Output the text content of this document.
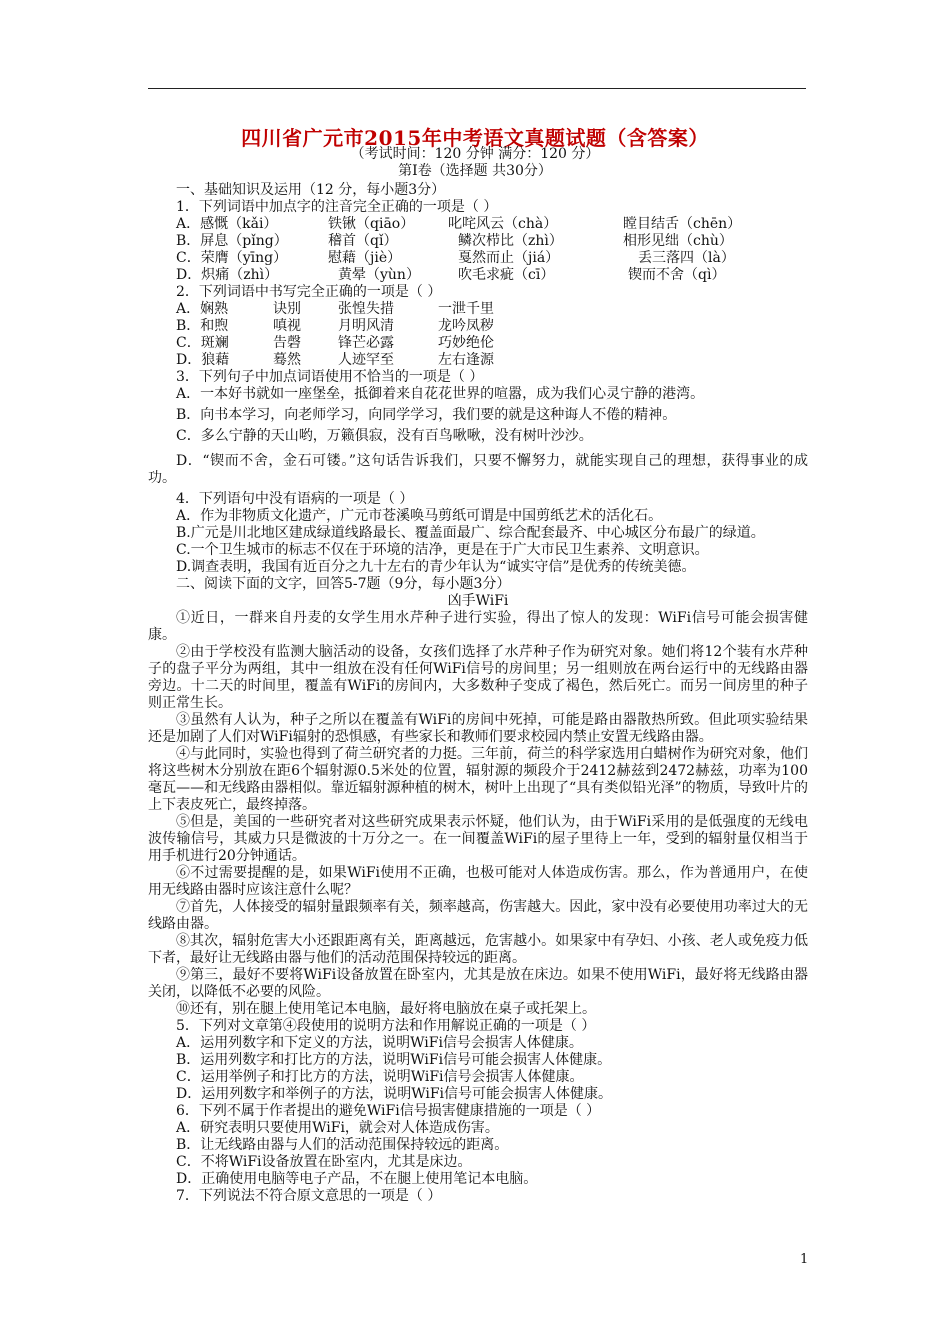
四川省广元市2015年中考语文真题试题（含答案）
（考试时间：120 分钟 满分：120 分）
第Ⅰ卷（选择题 共30分）
一、基础知识及运用（12 分，每小题3分）
1．下列词语中加点字的注音完全正确的一项是（ ）
A．感慨（kǎi）	铁锹（qiāo） 叱咤风云（chà）	瞠目结舌（chēn）
B．屏息（pǐng）	稽首（qǐ）	鳞次栉比（zhì）	相形见绌（chù）
C．荣膺（yīng）	慰藉（jiè）	戛然而止（jiá）	丢三落四（là）
D．炽痛（zhì）	黄晕（yùn）	吹毛求疵（cī）	锲而不舍（qì）
2．下列词语中书写完全正确的一项是（ ）
A．娴熟	诀別	张惶失措	一泄千里
B．和煦	嗔视	月明风清	龙吟凤秽
C．斑斓	告磬	锋芒必露	巧妙绝伦
D．狼藉	蓦然	人迹罕至	左右逢源
3．下列句子中加点词语使用不恰当的一项是（ ）
A．一本好书就如一座堡垒，抵御着来自花花世界的喧嚣，成为我们心灵宁静的港湾。
B．向书本学习，向老师学习，向同学学习，我们要的就是这种诲人不倦的精神。
C．多么宁静的天山哟，万籁俱寂，没有百鸟啾啾，没有树叶沙沙。
D．“锲而不舍，金石可镂。”这句话告诉我们，只要不懈努力，就能实现自己的理想，获得事业的成功。
4．下列语句中没有语病的一项是（ ）
A．作为非物质文化遗产，广元市苍溪唤马剪纸可谓是中国剪纸艺术的活化石。
B.广元是川北地区建成绿道线路最长、覆盖面最广、综合配套最齐、中心城区分布最广的绿道。
C.一个卫生城市的标志不仅在于环境的洁净，更是在于广大市民卫生素养、文明意识。
D.调查表明，我国有近百分之九十左右的青少年认为“诚实守信”是优秀的传统美德。
二、阅读下面的文字，回答5-7题（9分，每小题3分）
凶手WiFi
①近日，一群来自丹麦的女学生用水芹种子进行实验，得出了惊人的发现：WiFi信号可能会损害健康。
②由于学校没有监测大脑活动的设备，女孩们选择了水芹种子作为研究对象。她们将12个装有水芹种子的盘子平分为两组，其中一组放在没有任何WiFi信号的房间里；另一组则放在两台运行中的无线路由器旁边。十二天的时间里，覆盖有WiFi的房间内，大多数种子变成了褐色，然后死亡。而另一间房里的种子则正常生长。
③虽然有人认为，种子之所以在覆盖有WiFi的房间中死掉，可能是路由器散热所致。但此项实验结果还是加剧了人们对WiFi辐射的恐惧感，有些家长和教师们要求校园内禁止安置无线路由器。
④与此同时，实验也得到了荷兰研究者的力挺。三年前，荷兰的科学家选用白蜡树作为研究对象，他们将这些树木分别放在距6个辐射源0.5米处的位置，辐射源的频段介于2412赫兹到2472赫兹，功率为100毫瓦——和无线路由器相似。靠近辐射源种植的树木，树叶上出现了“具有类似铅光泽”的物质，导致叶片的上下表皮死亡，最终掉落。
⑤但是，美国的一些研究者对这些研究成果表示怀疑，他们认为，由于WiFi采用的是低强度的无线电波传输信号，其威力只是微波的十万分之一。在一间覆盖WiFi的屋子里待上一年，受到的辐射量仅相当于用手机进行20分钟通话。
⑥不过需要提醒的是，如果WiFi使用不正确，也极可能对人体造成伤害。那么，作为普通用户，在使用无线路由器时应该注意什么呢？
⑦首先，人体接受的辐射量跟频率有关，频率越高，伤害越大。因此，家中没有必要使用功率过大的无线路由器。
⑧其次，辐射危害大小还跟距离有关，距离越远，危害越小。如果家中有孕妇、小孩、老人或免疫力低下者，最好让无线路由器与他们的活动范围保持较远的距离。
⑨第三，最好不要将WiFi设备放置在卧室内，尤其是放在床边。如果不使用WiFi，最好将无线路由器关闭，以降低不必要的风险。
⑩还有，别在腿上使用笔记本电脑，最好将电脑放在桌子或托架上。
5．下列对文章第④段使用的说明方法和作用解说正确的一项是（ ）
A．运用列数字和下定义的方法，说明WiFi信号会损害人体健康。
B．运用列数字和打比方的方法，说明WiFi信号可能会损害人体健康。
C．运用举例子和打比方的方法，说明WiFi信号会损害人体健康。
D．运用列数字和举例子的方法，说明WiFi信号可能会损害人体健康。
6．下列不属于作者提出的避免WiFi信号损害健康措施的一项是（ ）
A．研究表明只要使用WiFi，就会对人体造成伤害。
B．让无线路由器与人们的活动范围保持较远的距离。
C．不将WiFi设备放置在卧室内，尤其是床边。
D．正确使用电脑等电子产品，不在腿上使用笔记本电脑。
7．下列说法不符合原文意思的一项是（ ）
1
